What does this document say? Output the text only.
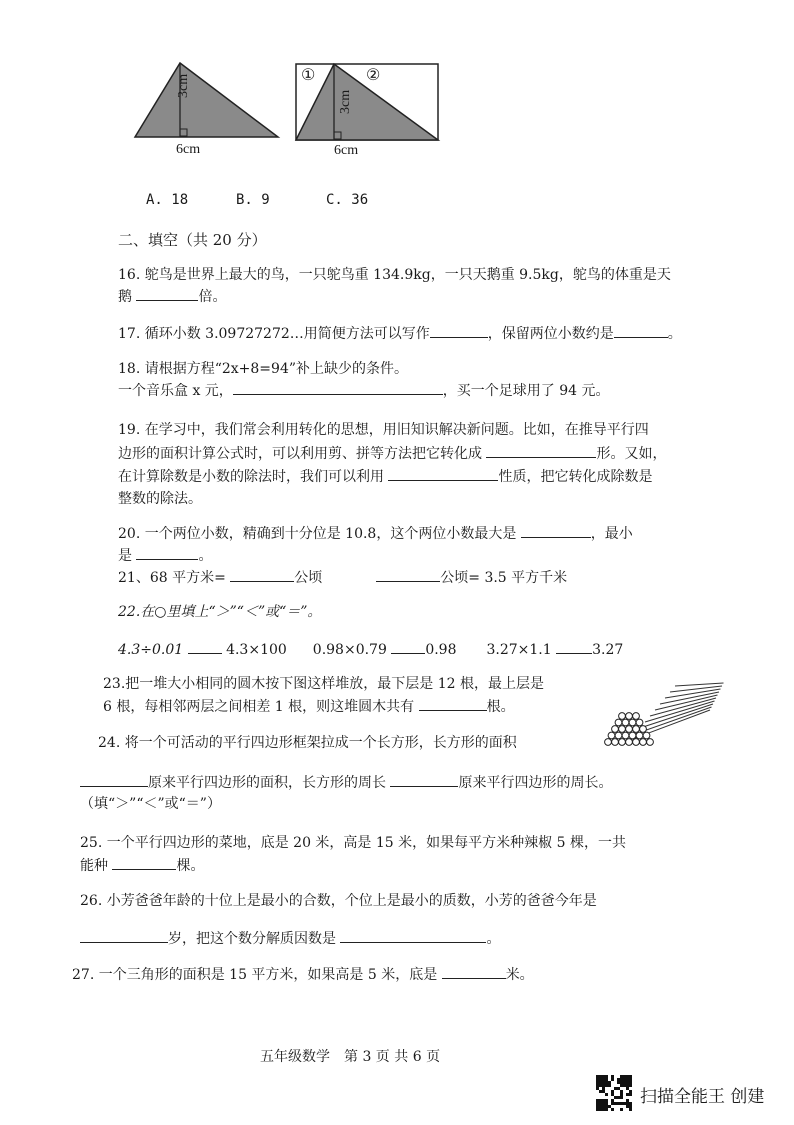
3cm
6cm
①	②
3cm
6cm
A. 18	B. 9	C. 36
二、填空（共 20 分）
16. 鸵鸟是世界上最大的鸟，一只鸵鸟重 134.9kg，一只天鹅重 9.5kg，鸵鸟的体重是天
鹅	倍。
17. 循环小数 3.09727272…用简便方法可以写作	，保留两位小数约是	。
18. 请根据方程“2x+8=94”补上缺少的条件。
一个音乐盒 x 元，	，买一个足球用了 94 元。
19. 在学习中，我们常会利用转化的思想，用旧知识解决新问题。比如，在推导平行四
边形的面积计算公式时，可以利用剪、拼等方法把它转化成	形。又如，
在计算除数是小数的除法时，我们可以利用	性质，把它转化成除数是
整数的除法。
20. 一个两位小数，精确到十分位是 10.8，这个两位小数最大是	，最小
是	。
21、68 平方米=	公顷	公顷= 3.5 平方千米
22.在○里填上“＞”“＜”或“＝”。
4.3÷0.01  4.3×100 0.98×0.79 0.98 3.27×1.1	3.27
23.把一堆大小相同的圆木按下图这样堆放，最下层是 12 根，最上层是
6 根，每相邻两层之间相差 1 根，则这堆圆木共有	根。
24. 将一个可活动的平行四边形框架拉成一个长方形，长方形的面积
原来平行四边形的面积，长方形的周长	原来平行四边形的周长。
（填“＞”“＜”或“＝”）
25. 一个平行四边形的菜地，底是 20 米，高是 15 米，如果每平方米种辣椒 5 棵，一共
能种	棵。
26. 小芳爸爸年龄的十位上是最小的合数，个位上是最小的质数，小芳的爸爸今年是
岁，把这个数分解质因数是	。
27. 一个三角形的面积是 15 平方米，如果高是 5 米，底是	米。
五年级数学　第 3 页 共 6 页
扫描全能王 创建
